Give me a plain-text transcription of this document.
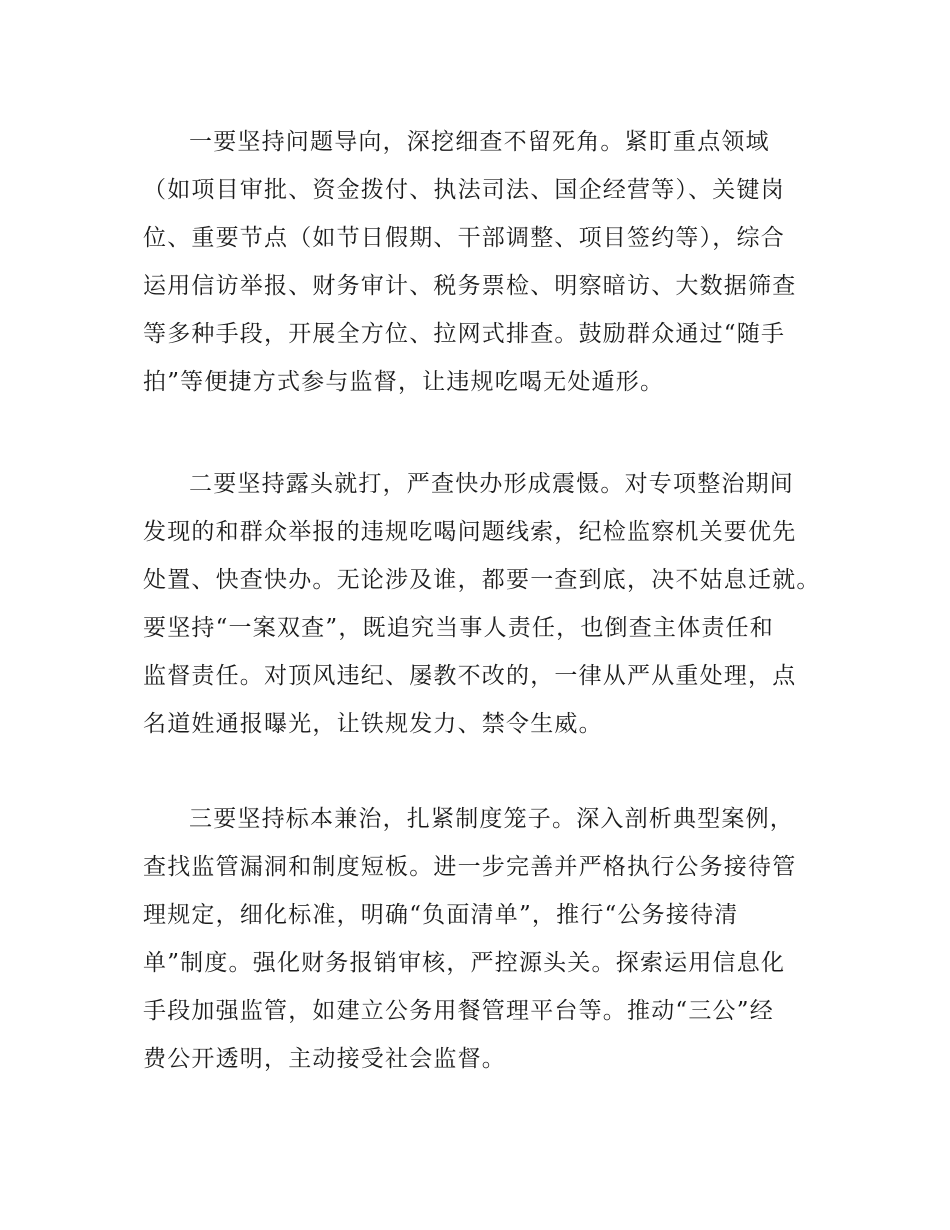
一要坚持问题导向，深挖细查不留死角。紧盯重点领域
（如项目审批、资金拨付、执法司法、国企经营等）、关键岗
位、重要节点（如节日假期、干部调整、项目签约等），综合
运用信访举报、财务审计、税务票检、明察暗访、大数据筛查
等多种手段，开展全方位、拉网式排查。鼓励群众通过“随手
拍”等便捷方式参与监督，让违规吃喝无处遁形。
二要坚持露头就打，严查快办形成震慑。对专项整治期间
发现的和群众举报的违规吃喝问题线索，纪检监察机关要优先
处置、快查快办。无论涉及谁，都要一查到底，决不姑息迁就。
要坚持“一案双查”，既追究当事人责任，也倒查主体责任和
监督责任。对顶风违纪、屡教不改的，一律从严从重处理，点
名道姓通报曝光，让铁规发力、禁令生威。
三要坚持标本兼治，扎紧制度笼子。深入剖析典型案例，
查找监管漏洞和制度短板。进一步完善并严格执行公务接待管
理规定，细化标准，明确“负面清单”，推行“公务接待清
单”制度。强化财务报销审核，严控源头关。探索运用信息化
手段加强监管，如建立公务用餐管理平台等。推动“三公”经
费公开透明，主动接受社会监督。
